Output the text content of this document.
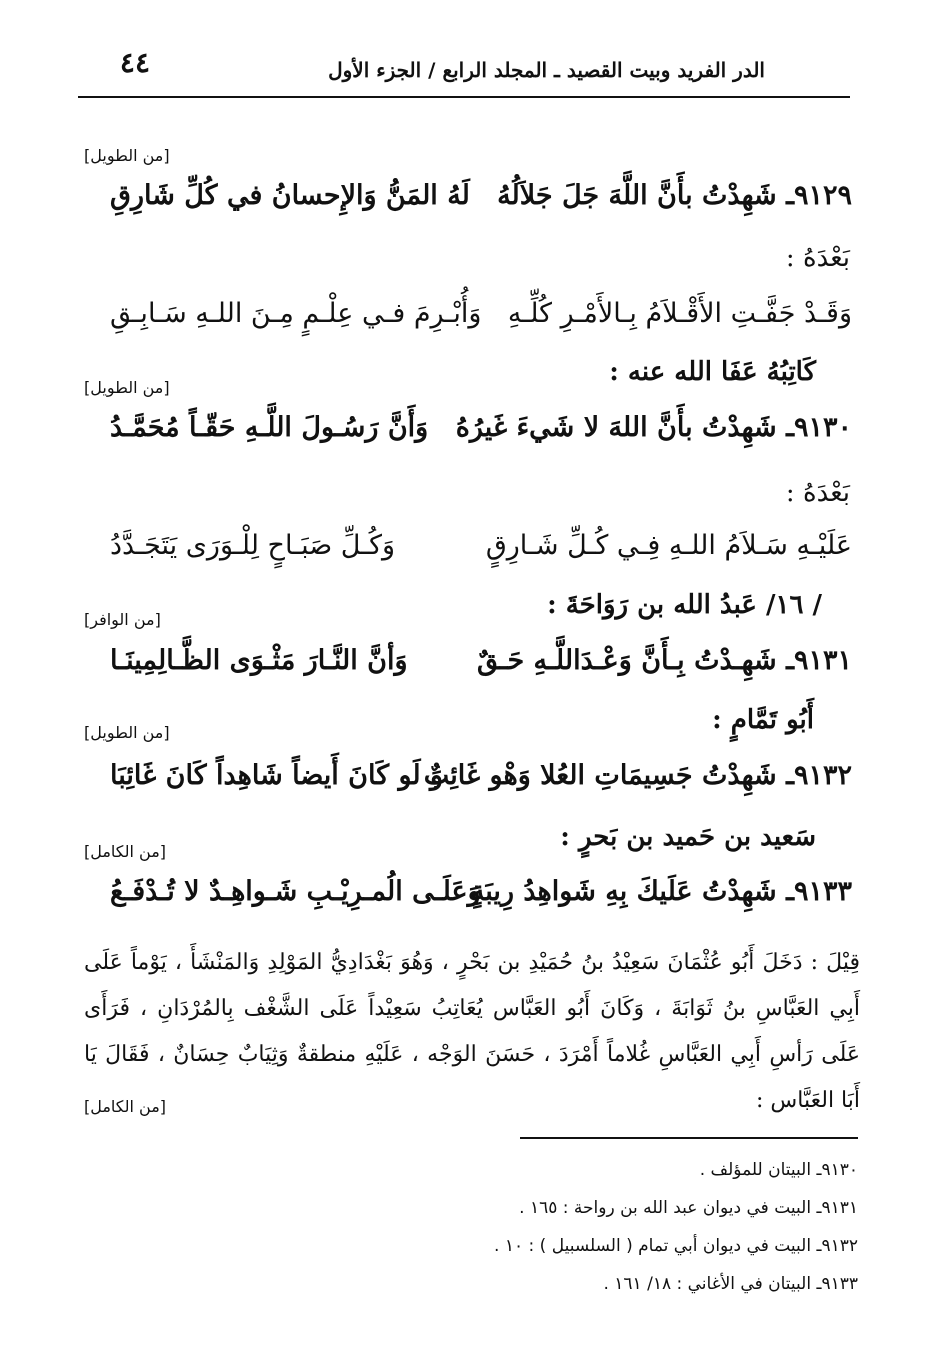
الدر الفريد وبيت القصيد ـ المجلد الرابع / الجزء الأول
٤٤
[من الطويل]
٩١٢٩ـ شَهِدْتُ بأَنَّ اللَّهَ جَلَ جَلاَلُهُ
لَهُ المَنُّ وَالإِحسانُ في كُلِّ شَارِقِ
بَعْدَهُ :
وَقَـدْ جَفَّـتِ الأَقْـلاَمُ بِـالأَمْـرِ كُلِّـهِ
وَأُبْـرِمَ فـي عِلْـمٍ مِـنَ اللـهِ سَـابِـقِ
كَاتِبُهُ عَفَا الله عنه :
[من الطويل]
٩١٣٠ـ شَهِدْتُ بأَنَّ اللهَ لا شَيءَ غَيرُهُ
وَأَنَّ رَسُـولَ اللَّـهِ حَقّـاً مُحَمَّـدُ
بَعْدَهُ :
عَلَيْـهِ سَـلاَمُ اللـهِ فِـي كُـلِّ شَـارِقٍ
وَكُـلِّ صَبَـاحٍ لِلْـوَرَى يَتَجَـدَّدُ
/ ١٦/ عَبدُ الله بن رَوَاحَةَ :
[من الوافر]
٩١٣١ـ شَهِـدْتُ بِـأَنَّ وَعْـدَاللَّـهِ حَـقٌ
وَأنَّ النَّـارَ مَثْـوَى الظَّـالِمِينَـا
أَبُو تَمَّامٍ :
[من الطويل]
٩١٣٢ـ شَهِدْتُ جَسِيمَاتِ العُلا وَهْو غَائِبٌ
وَ لَو كَانَ أَيضاً شَاهِداً كَانَ غَائِبَا
سَعيد بن حَميد بن بَحرٍ :
[من الكامل]
٩١٣٣ـ شَهِدْتُ عَلَيكَ بِهِ شَواهِدُ رِيبَةٍ
وَعَلَـى الُمـرِيْـبِ شَـواهِـدٌ لا تُـدْفَـعُ
قِيْلَ : دَخَلَ أَبُو عُثْمَانَ سَعِيْدُ بنُ حُمَيْدِ بن بَحْرٍ ، وَهُوَ بَغْدَادِيُّ المَوْلِدِ وَالمَنْشَأَ ، يَوْماً عَلَى أَبِي العَبَّاسِ بنُ ثَوَابَةَ ، وَكَانَ أَبُو العَبَّاس يُعَاتِبُ سَعِيْداً عَلَى الشَّغْف بِالمُرْدَانِ ، فَرَأَى عَلَى رَأسِ أَبِي العَبَّاسِ غُلاماً أَمْرَدَ ، حَسَنَ الوَجْه ، عَلَيْهِ منطقةٌ وَثِيَابٌ حِسَانٌ ، فَقَالَ يَا أَبَا العَبَّاس :
[من الكامل]
٩١٣٠ـ البيتان للمؤلف .
٩١٣١ـ البيت في ديوان عبد الله بن رواحة : ١٦٥ .
٩١٣٢ـ البيت في ديوان أبي تمام ( السلسبيل ) : ١٠ .
٩١٣٣ـ البيتان في الأغاني : ١٨/ ١٦١ .
